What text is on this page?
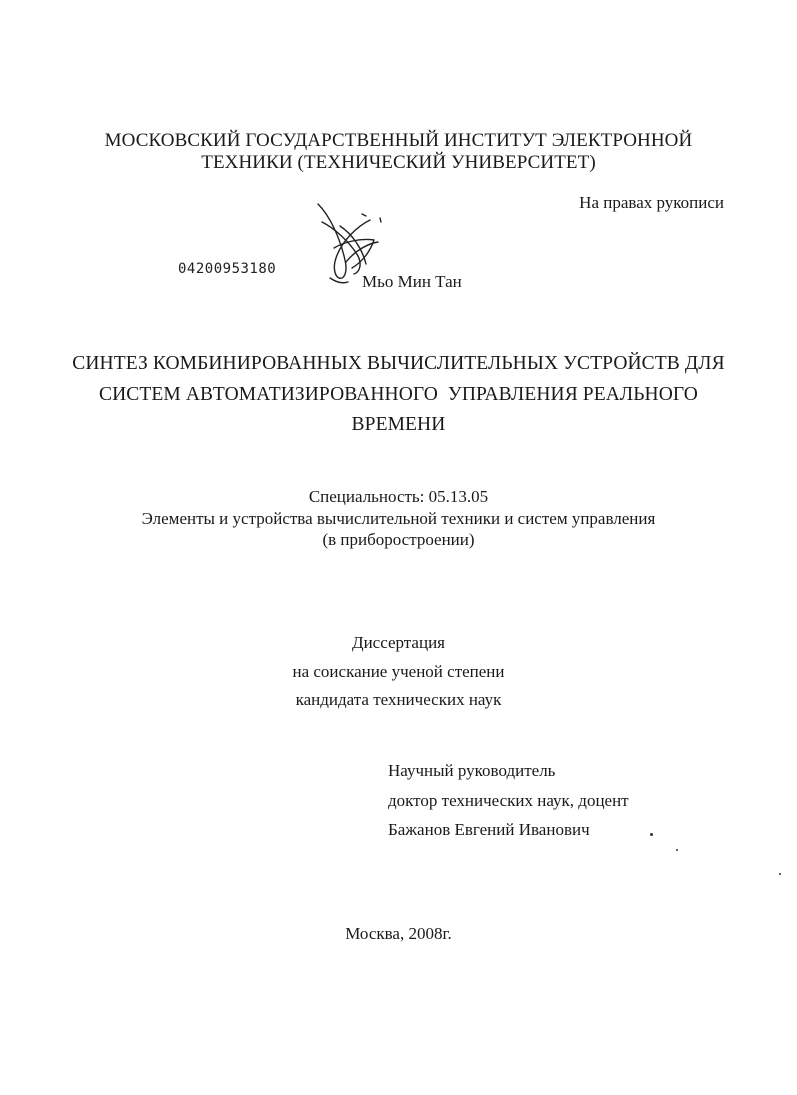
МОСКОВСКИЙ ГОСУДАРСТВЕННЫЙ ИНСТИТУТ ЭЛЕКТРОННОЙ
ТЕХНИКИ (ТЕХНИЧЕСКИЙ УНИВЕРСИТЕТ)
На правах рукописи
04200953180
Мьо Мин Тан
СИНТЕЗ КОМБИНИРОВАННЫХ ВЫЧИСЛИТЕЛЬНЫХ УСТРОЙСТВ ДЛЯ
СИСТЕМ АВТОМАТИЗИРОВАННОГО  УПРАВЛЕНИЯ РЕАЛЬНОГО
ВРЕМЕНИ
Специальность: 05.13.05
Элементы и устройства вычислительной техники и систем управления
(в приборостроении)
Диссертация
на соискание ученой степени
кандидата технических наук
Научный руководитель
доктор технических наук, доцент
Бажанов Евгений Иванович
Москва, 2008г.
